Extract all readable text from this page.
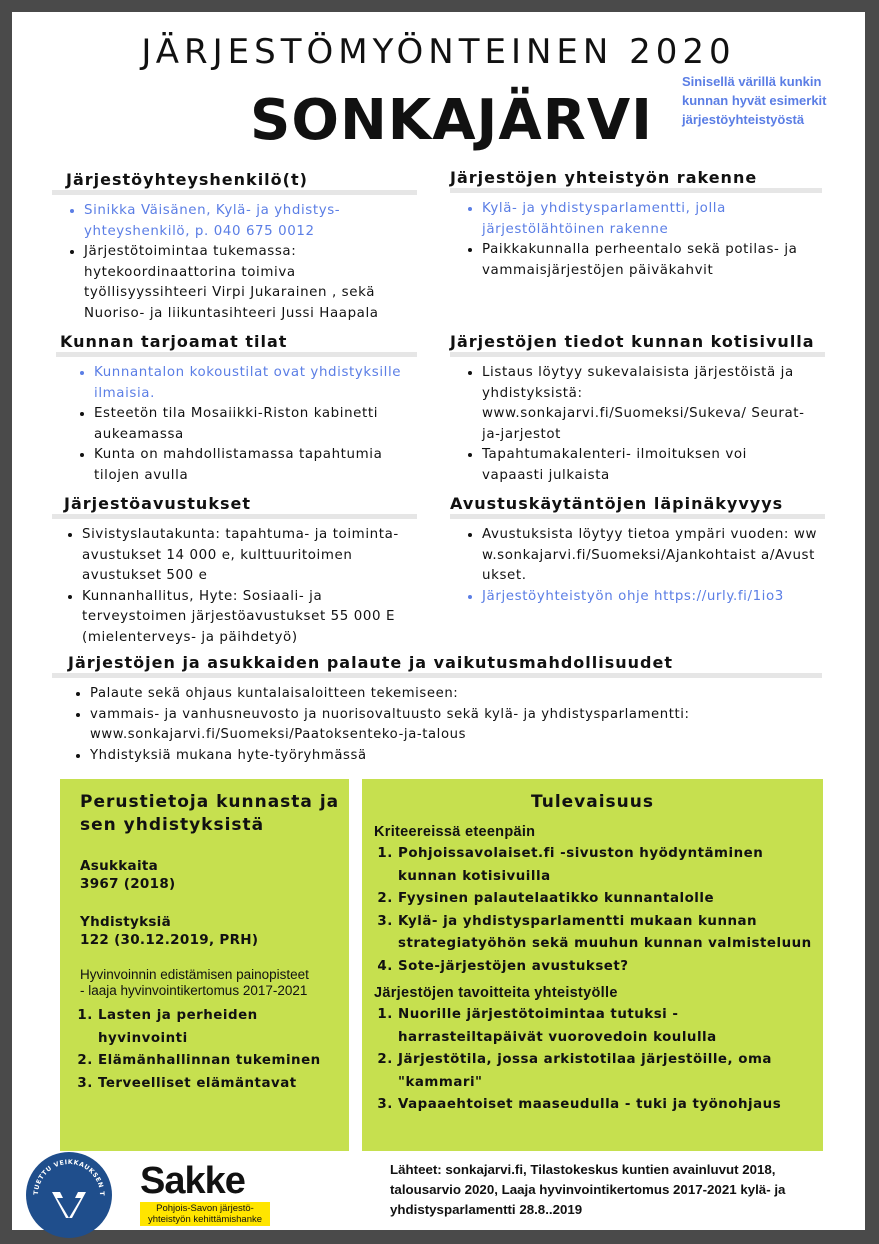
JÄRJESTÖMYÖNTEINEN 2020
SONKAJÄRVI
Sinisellä värillä kunkin kunnan hyvät esimerkit järjestöyhteistyöstä
Järjestöyhteyshenkilö(t)
• Sinikka Väisänen, Kylä- ja yhdistys-yhteyshenkilö, p. 040 675 0012
• Järjestötoimintaa tukemassa: hytekoordinaattorina toimiva työllisyyssihteeri Virpi Jukarainen , sekä Nuoriso- ja liikuntasihteeri Jussi Haapala
Järjestöjen yhteistyön rakenne
• Kylä- ja yhdistysparlamentti, jolla järjestölähtöinen rakenne
• Paikkakunnalla perheentalo sekä potilas- ja vammaisjärjestöjen päiväkahvit
Kunnan tarjoamat tilat
• Kunnantalon kokoustilat ovat yhdistyksille ilmaisia.
• Esteetön tila Mosaiikki-Riston kabinetti aukeamassa
• Kunta on mahdollistamassa tapahtumia tilojen avulla
Järjestöjen tiedot kunnan kotisivulla
• Listaus löytyy sukevalaisista järjestöistä ja yhdistyksistä: www.sonkajarvi.fi/Suomeksi/Sukeva/ Seurat-ja-jarjestot
• Tapahtumakalenteri- ilmoituksen voi vapaasti julkaista
Järjestöavustukset
• Sivistyslautakunta: tapahtuma- ja toiminta-avustukset 14 000 e, kulttuuritoimen avustukset 500 e
• Kunnanhallitus, Hyte: Sosiaali- ja terveystoimen järjestöavustukset 55 000 E (mielenterveys- ja päihdetyö)
Avustuskäytäntöjen läpinäkyvyys
• Avustuksista löytyy tietoa ympäri vuoden: www.sonkajarvi.fi/Suomeksi/Ajankohtaist a/Avustukset.
• Järjestöyhteistyön ohje https://urly.fi/1io3
Järjestöjen ja asukkaiden palaute ja vaikutusmahdollisuudet
• Palaute sekä ohjaus kuntalaisaloitteen tekemiseen:
• vammais- ja vanhusneuvosto ja nuorisovaltuusto sekä kylä- ja yhdistysparlamentti: www.sonkajarvi.fi/Suomeksi/Paatoksenteko-ja-talous
• Yhdistyksiä mukana hyte-työryhmässä
Perustietoja kunnasta ja sen yhdistyksistä
Asukkaita
3967 (2018)
Yhdistyksiä
122 (30.12.2019, PRH)
Hyvinvoinnin edistämisen painopisteet - laaja hyvinvointikertomus 2017-2021
1. Lasten ja perheiden hyvinvointi
2. Elämänhallinnan tukeminen
3. Terveelliset elämäntavat
Tulevaisuus
Kriteereissä eteenpäin
1. Pohjoissavolaiset.fi -sivuston hyödyntäminen kunnan kotisivuilla
2. Fyysinen palautelaatikko kunnantalolle
3. Kylä- ja yhdistysparlamentti mukaan kunnan strategiatyöhön sekä muuhun kunnan valmisteluun
4. Sote-järjestöjen avustukset?
Järjestöjen tavoitteita yhteistyölle
1. Nuorille järjestötoimintaa tutuksi - harrasteiltapäivät vuorovedoin koululla
2. Järjestötila, jossa arkistotilaa järjestöille, oma "kammari"
3. Vapaaehtoiset maaseudulla - tuki ja työnohjaus
TUETTU VEIKKAUKSEN T Sakke
Pohjois-Savon järjestö-yhteistyön kehittämishanke
Lähteet: sonkajarvi.fi, Tilastokeskus kuntien avainluvut 2018, talousarvio 2020, Laaja hyvinvointikertomus 2017-2021 kylä- ja yhdistysparlamentti 28.8..2019
